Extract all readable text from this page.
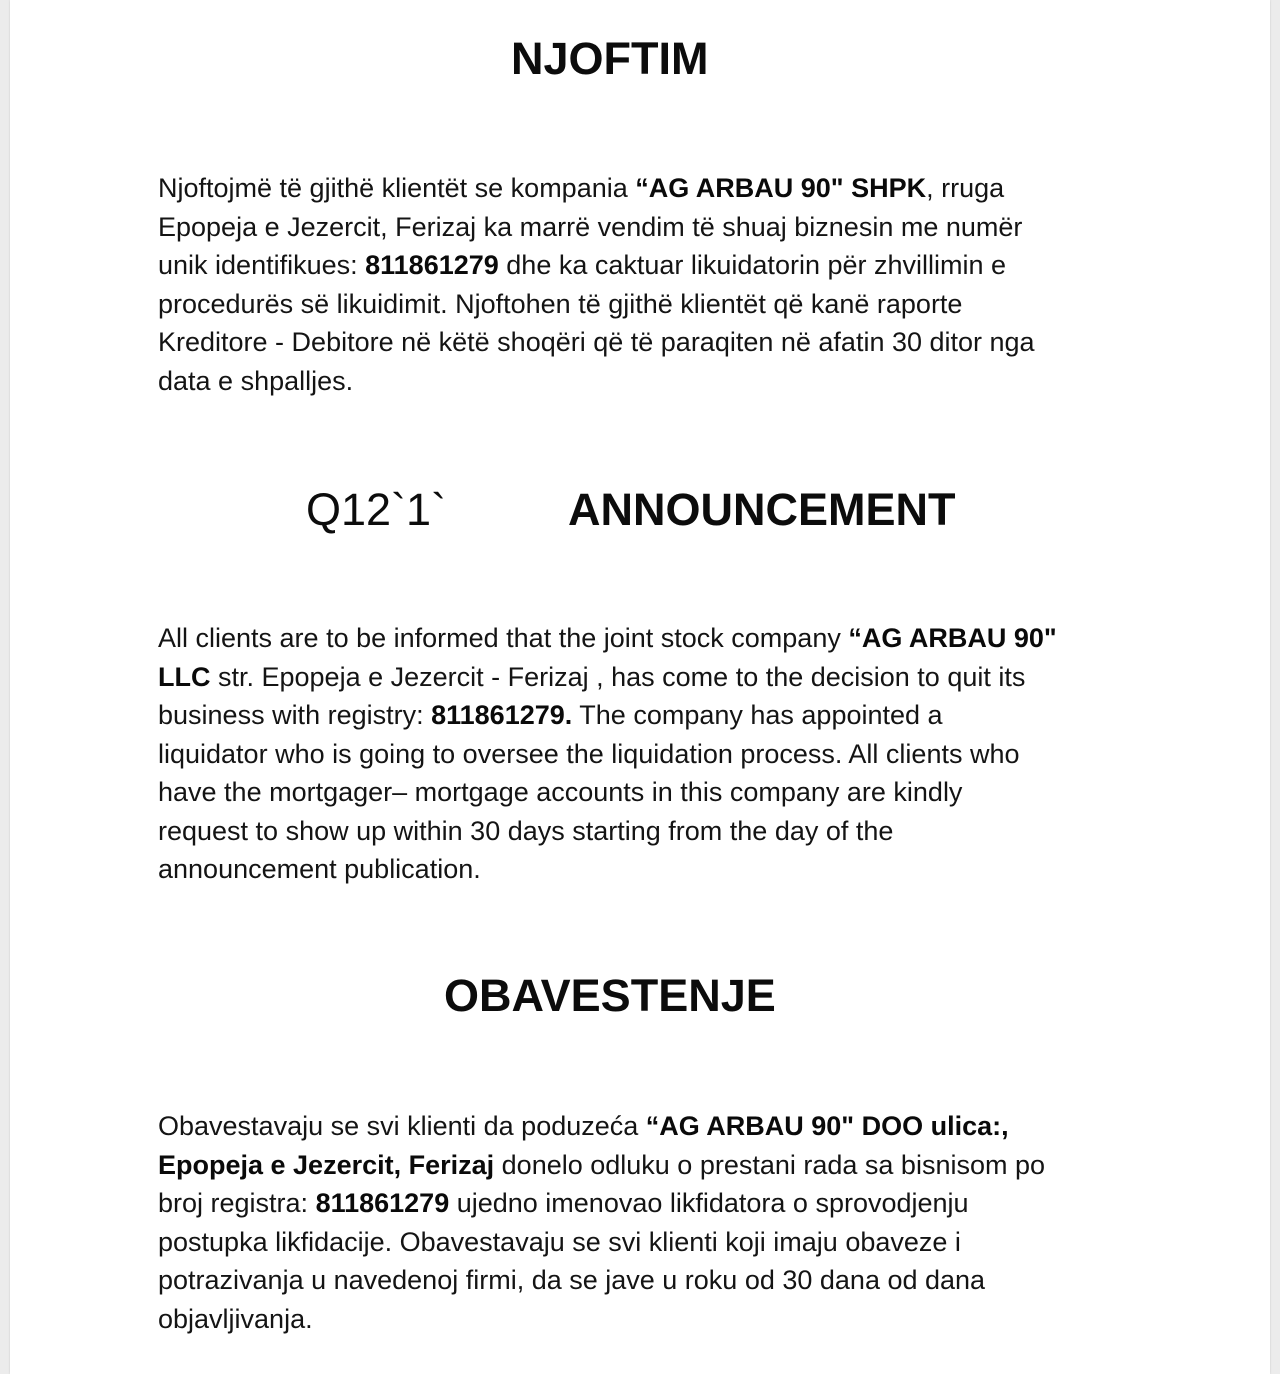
NJOFTIM

Njoftojmë të gjithë klientët se kompania “AG ARBAU 90" SHPK, rruga
Epopeja e Jezercit, Ferizaj ka marrë vendim të shuaj biznesin me numër
unik identifikues: 811861279 dhe ka caktuar likuidatorin për zhvillimin e
procedurës së likuidimit. Njoftohen të gjithë klientët që kanë raporte
Kreditore - Debitore në këtë shoqëri që të paraqiten në afatin 30 ditor nga
data e shpalljes.

Q12`1`	ANNOUNCEMENT

All clients are to be informed that the joint stock company “AG ARBAU 90"
LLC str. Epopeja e Jezercit - Ferizaj , has come to the decision to quit its
business with registry: 811861279. The company has appointed a
liquidator who is going to oversee the liquidation process. All clients who
have the mortgager– mortgage accounts in this company are kindly
request to show up within 30 days starting from the day of the
announcement publication.

OBAVESTENJE

Obavestavaju se svi klienti da poduzeća “AG ARBAU 90" DOO ulica:,
Epopeja e Jezercit, Ferizaj donelo odluku o prestani rada sa bisnisom po
broj registra: 811861279 ujedno imenovao likfidatora o sprovodjenju
postupka likfidacije. Obavestavaju se svi klienti koji imaju obaveze i
potrazivanja u navedenoj firmi, da se jave u roku od 30 dana od dana
objavljivanja.
